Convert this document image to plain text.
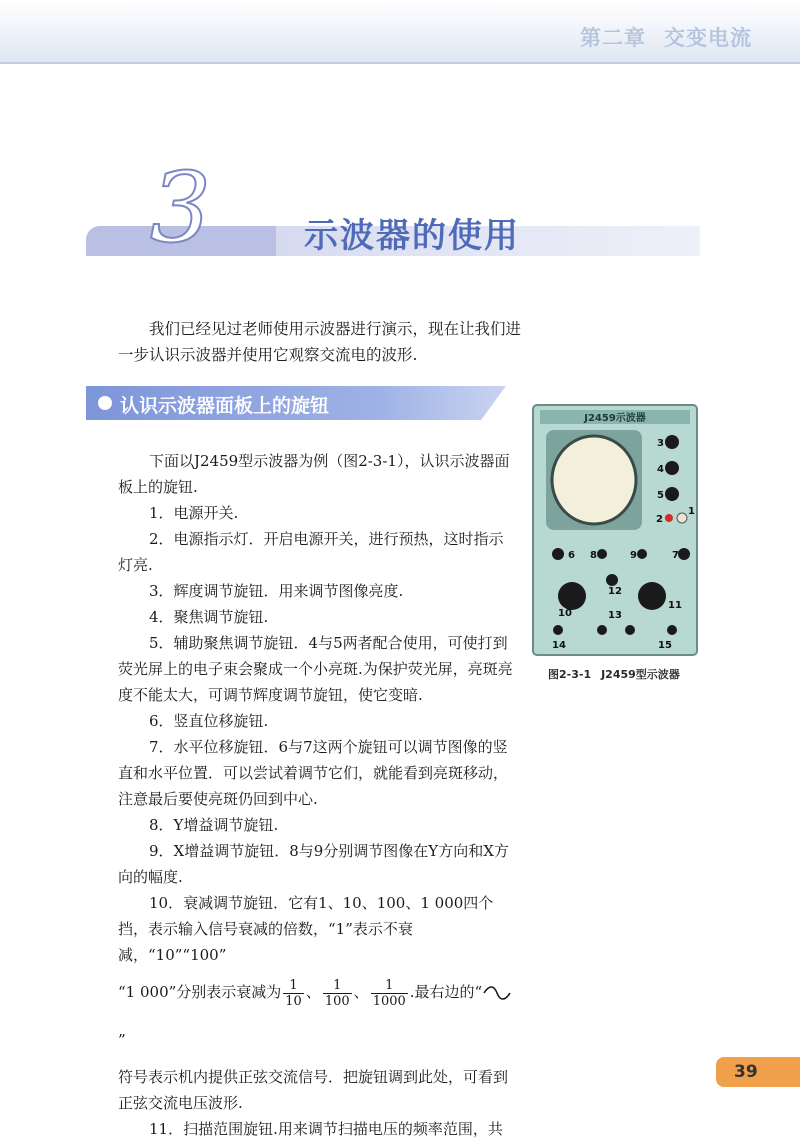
第二章 交变电流
3	示波器的使用

我们已经见过老师使用示波器进行演示，现在让我们进一步认识示波器并使用它观察交流电的波形.

认识示波器面板上的旋钮

下面以J2459型示波器为例（图2-3-1），认识示波器面板上的旋钮.

1．电源开关.

2．电源指示灯．开启电源开关，进行预热，这时指示灯亮.

3．辉度调节旋钮．用来调节图像亮度.

4．聚焦调节旋钮.

5．辅助聚焦调节旋钮．4与5两者配合使用，可使打到荧光屏上的电子束会聚成一个小亮斑.为保护荧光屏，亮斑亮度不能太大，可调节辉度调节旋钮，使它变暗.

6．竖直位移旋钮.

7．水平位移旋钮．6与7这两个旋钮可以调节图像的竖直和水平位置．可以尝试着调节它们，就能看到亮斑移动，注意最后要使亮斑仍回到中心.

8．Y增益调节旋钮.

9．X增益调节旋钮．8与9分别调节图像在Y方向和X方向的幅度.

10．衰减调节旋钮．它有1、10、100、1 000四个挡，表示输入信号衰减的倍数，“1”表示不衰减，“10”“100”

“1 000”分别表示衰减为 $\frac{1}{10}$ 、 $\frac{1}{100}$ 、 $\frac{1}{1000}$ .最右边的“”

符号表示机内提供正弦交流信号．把旋钮调到此处，可看到正弦交流电压波形.

11．扫描范围旋钮.用来调节扫描电压的频率范围，共

J2459示波器
3
4
5
2
1
6 8	9	7
12
10	13
11
14	15
图2-3-1 J2459型示波器
39
